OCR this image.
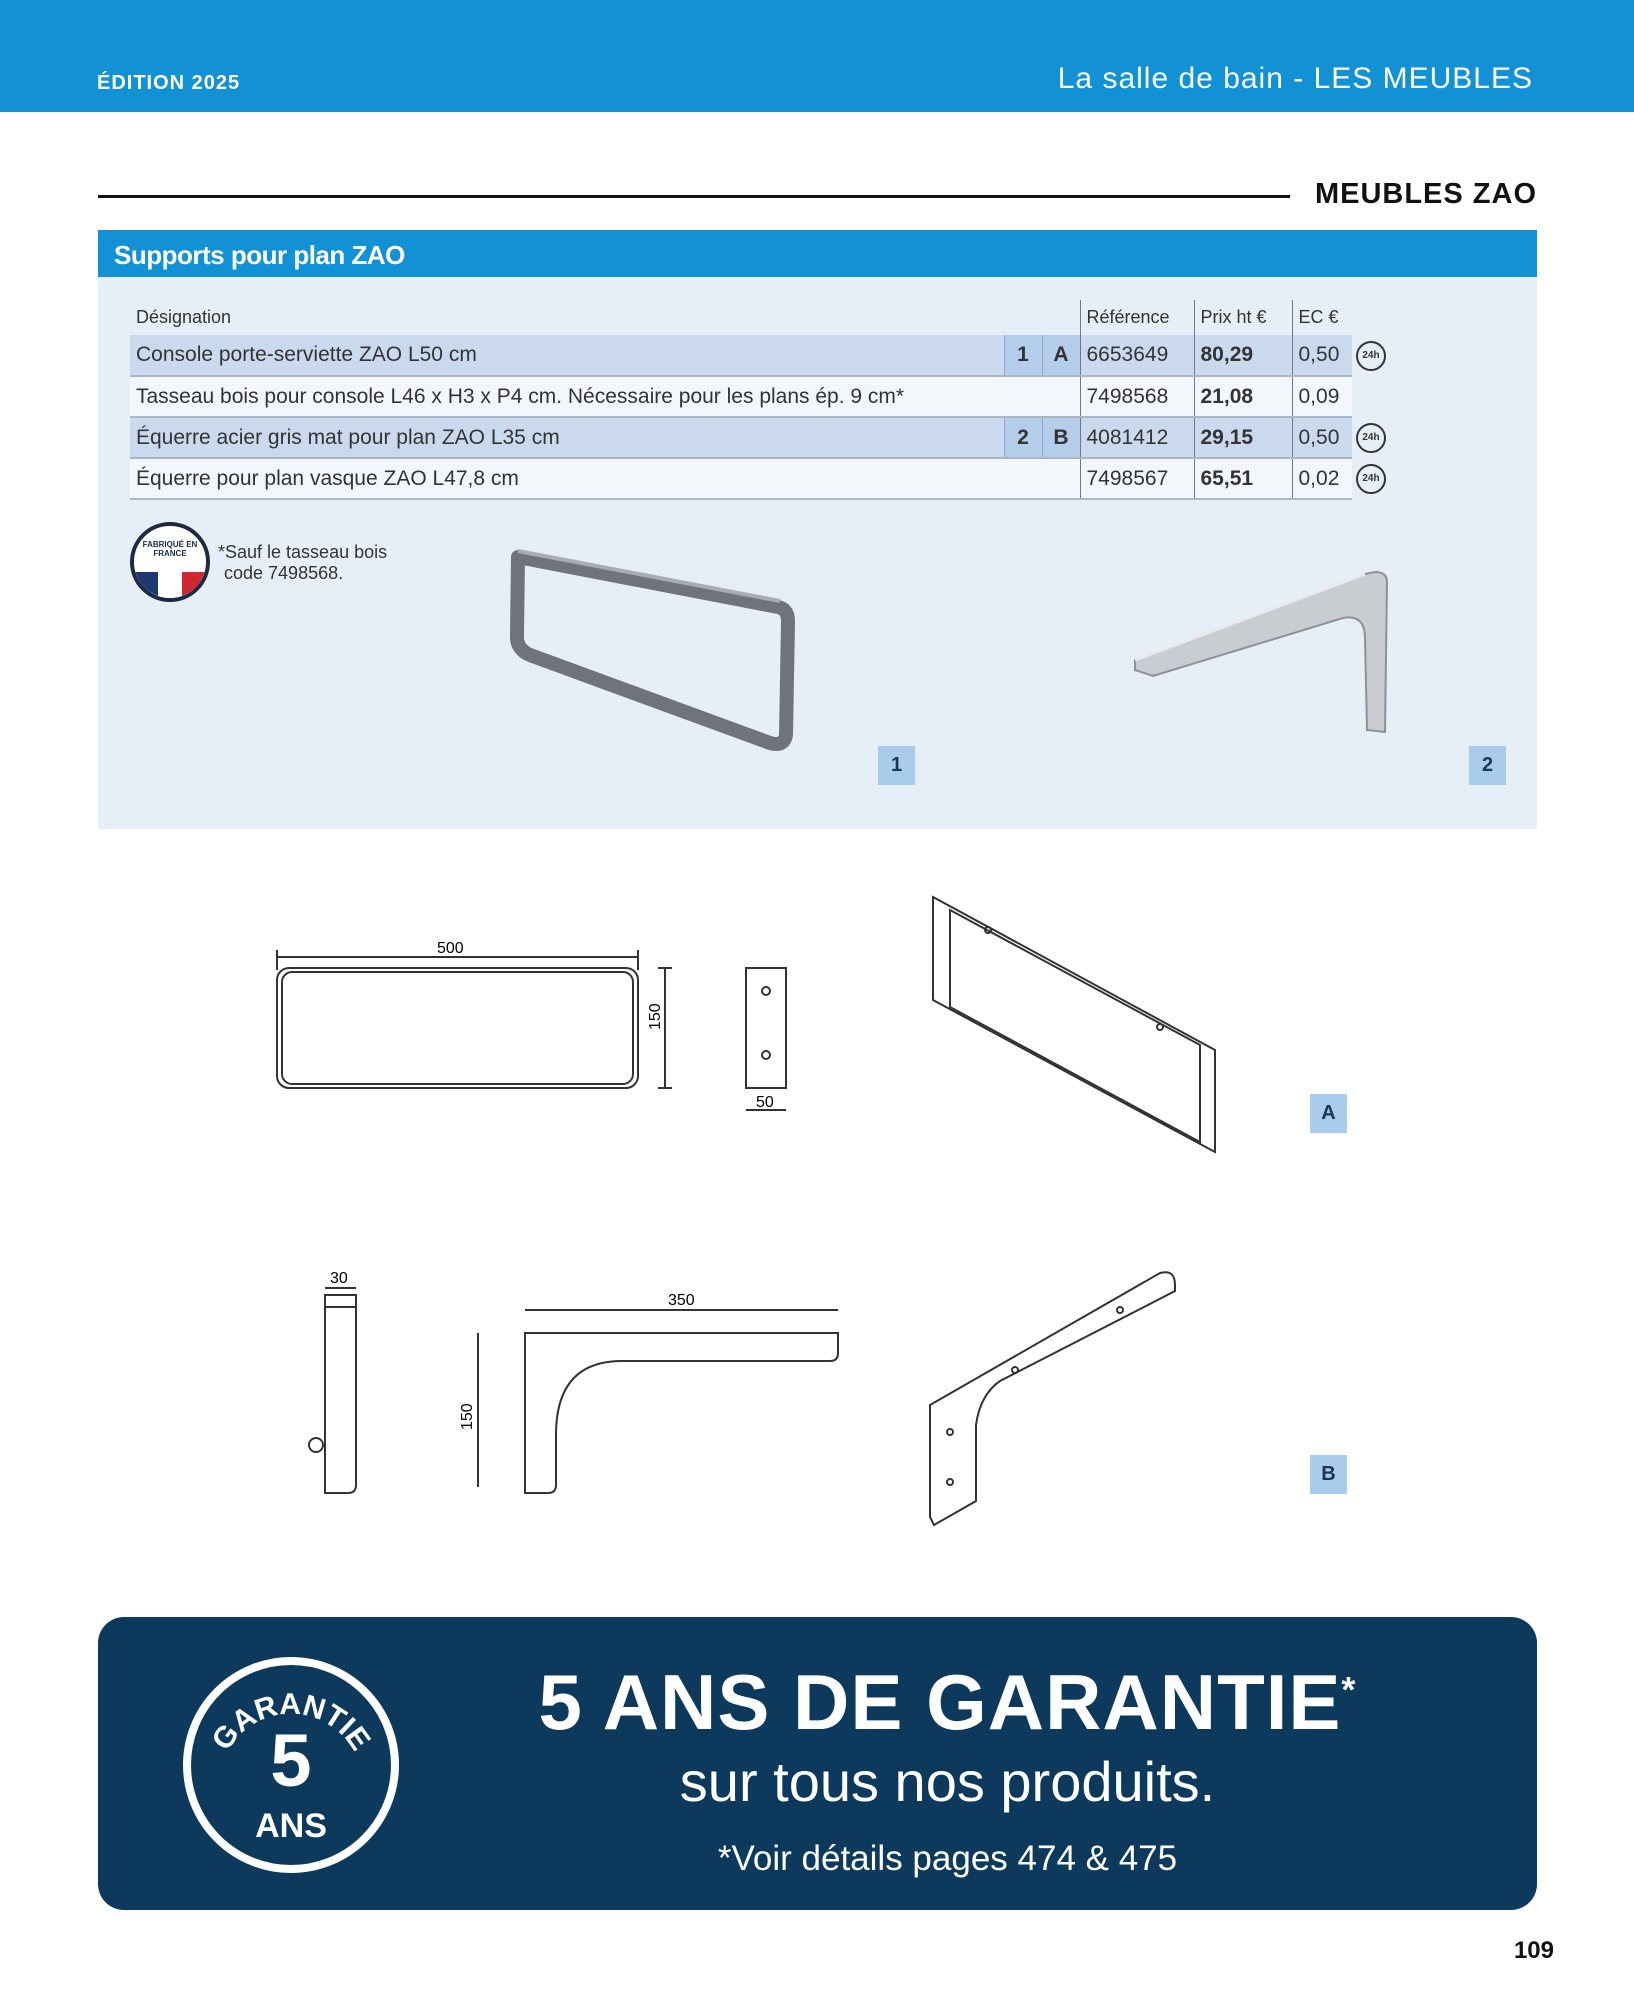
ÉDITION 2025	La salle de bain - LES MEUBLES
MEUBLES ZAO
Supports pour plan ZAO
Désignation			Référence	Prix ht €	EC €	
Console porte-serviette ZAO L50 cm	1	A	6653649	80,29	0,50	24h
Tasseau bois pour console L46 x H3 x P4 cm. Nécessaire pour les plans ép. 9 cm*			7498568	21,08	0,09	
Équerre acier gris mat pour plan ZAO L35 cm	2	B	4081412	29,15	0,50	24h
Équerre pour plan vasque ZAO L47,8 cm			7498567	65,51	0,02	24h
FABRIQUÉ EN FRANCE	*Sauf le tasseau bois
code 7498568.
1	2
500
150
50	A
30
350
150
B
GARANTIE
5
ANS
5 ANS DE GARANTIE*
sur tous nos produits.
*Voir détails pages 474 & 475
109
